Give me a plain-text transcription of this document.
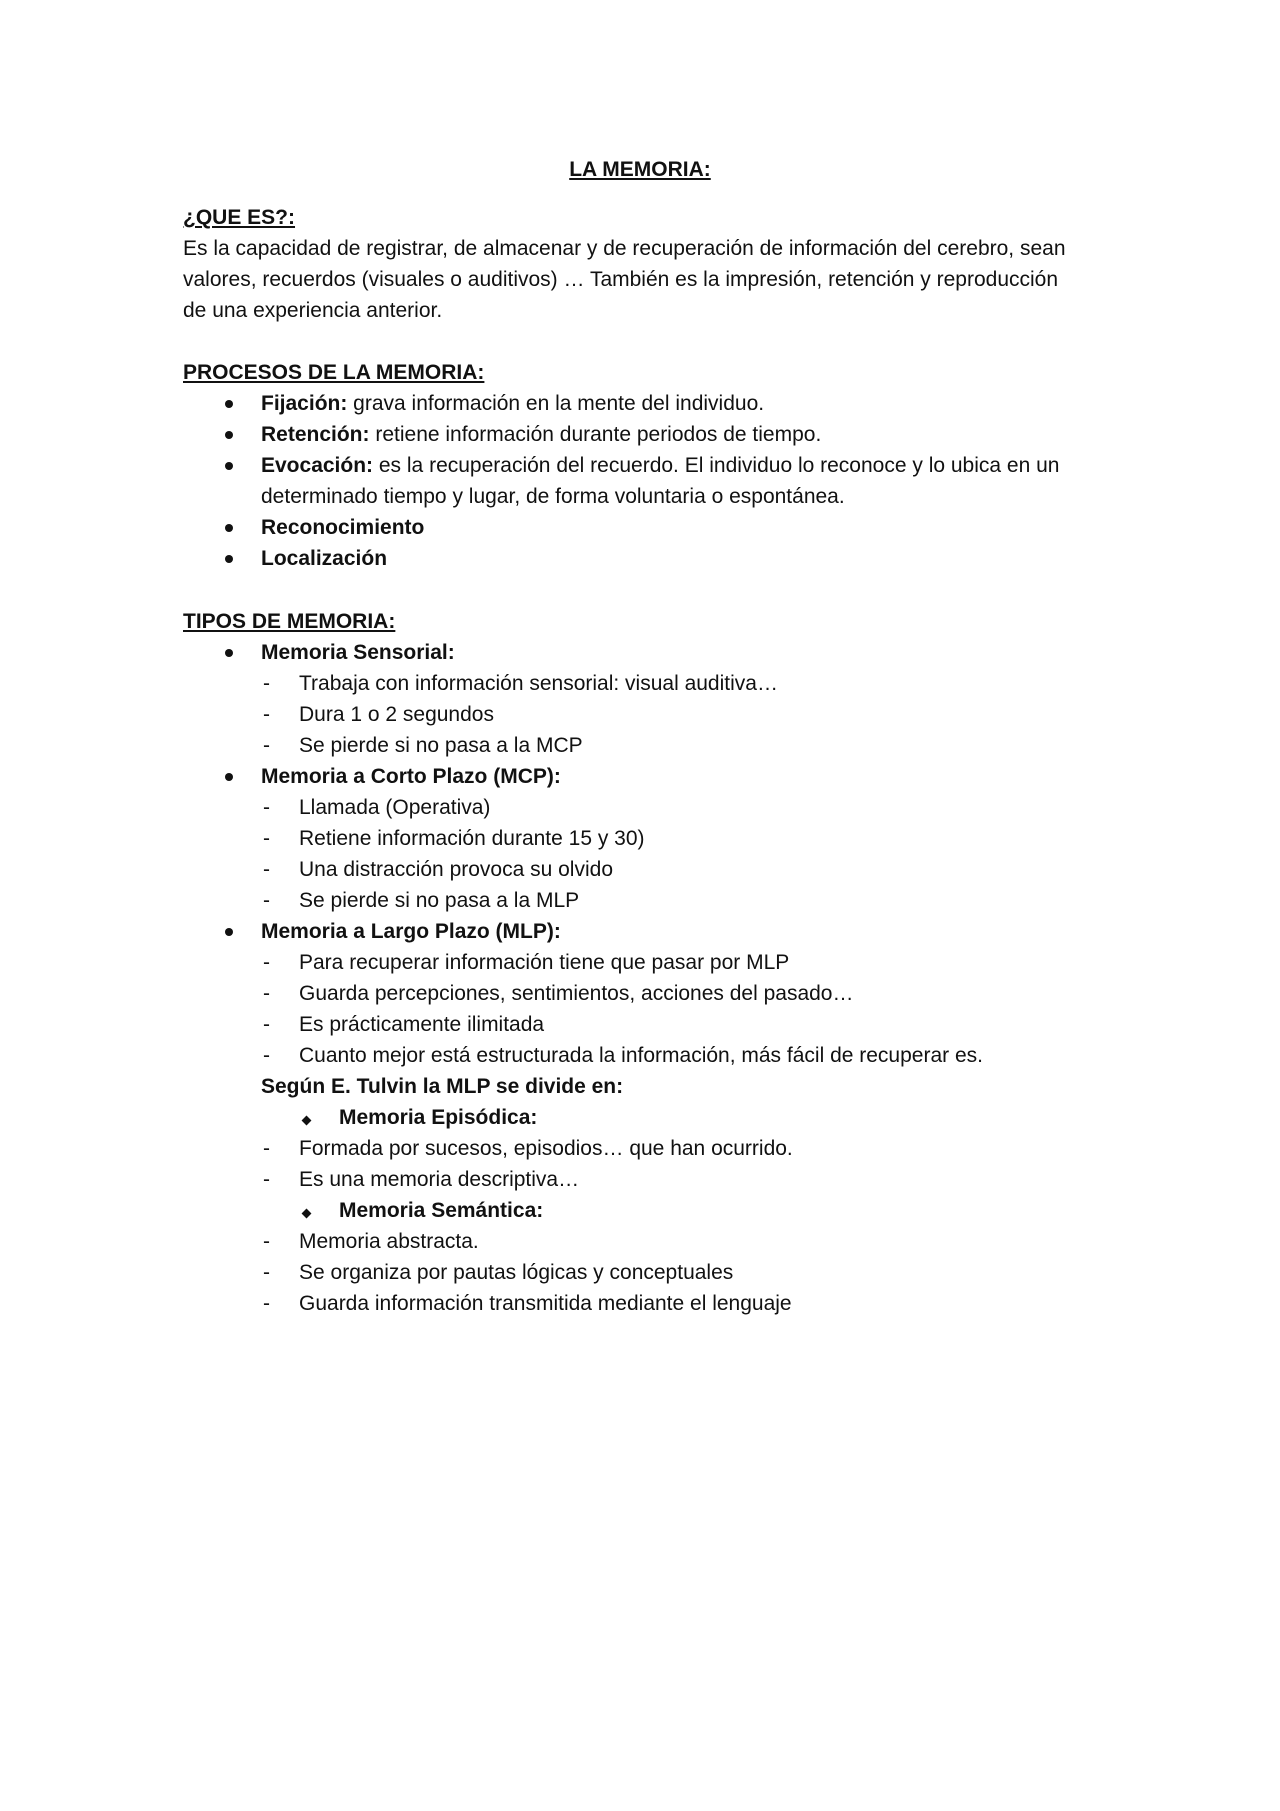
LA MEMORIA:
¿QUE ES?:
Es la capacidad de registrar, de almacenar y de recuperación de información del cerebro, sean
valores, recuerdos (visuales o auditivos) … También es la impresión, retención y reproducción
de una experiencia anterior.
PROCESOS DE LA MEMORIA:
Fijación: grava información en la mente del individuo.
Retención: retiene información durante periodos de tiempo.
Evocación: es la recuperación del recuerdo. El individuo lo reconoce y lo ubica en un
determinado tiempo y lugar, de forma voluntaria o espontánea.
Reconocimiento
Localización
TIPOS DE MEMORIA:
Memoria Sensorial:
- Trabaja con información sensorial: visual auditiva…
- Dura 1 o 2 segundos
- Se pierde si no pasa a la MCP
Memoria a Corto Plazo (MCP):
- Llamada (Operativa)
- Retiene información durante 15 y 30)
- Una distracción provoca su olvido
- Se pierde si no pasa a la MLP
Memoria a Largo Plazo (MLP):
- Para recuperar información tiene que pasar por MLP
- Guarda percepciones, sentimientos, acciones del pasado…
- Es prácticamente ilimitada
- Cuanto mejor está estructurada la información, más fácil de recuperar es.
Según E. Tulvin la MLP se divide en:
Memoria Episódica:
- Formada por sucesos, episodios… que han ocurrido.
- Es una memoria descriptiva…
Memoria Semántica:
- Memoria abstracta.
- Se organiza por pautas lógicas y conceptuales
- Guarda información transmitida mediante el lenguaje
